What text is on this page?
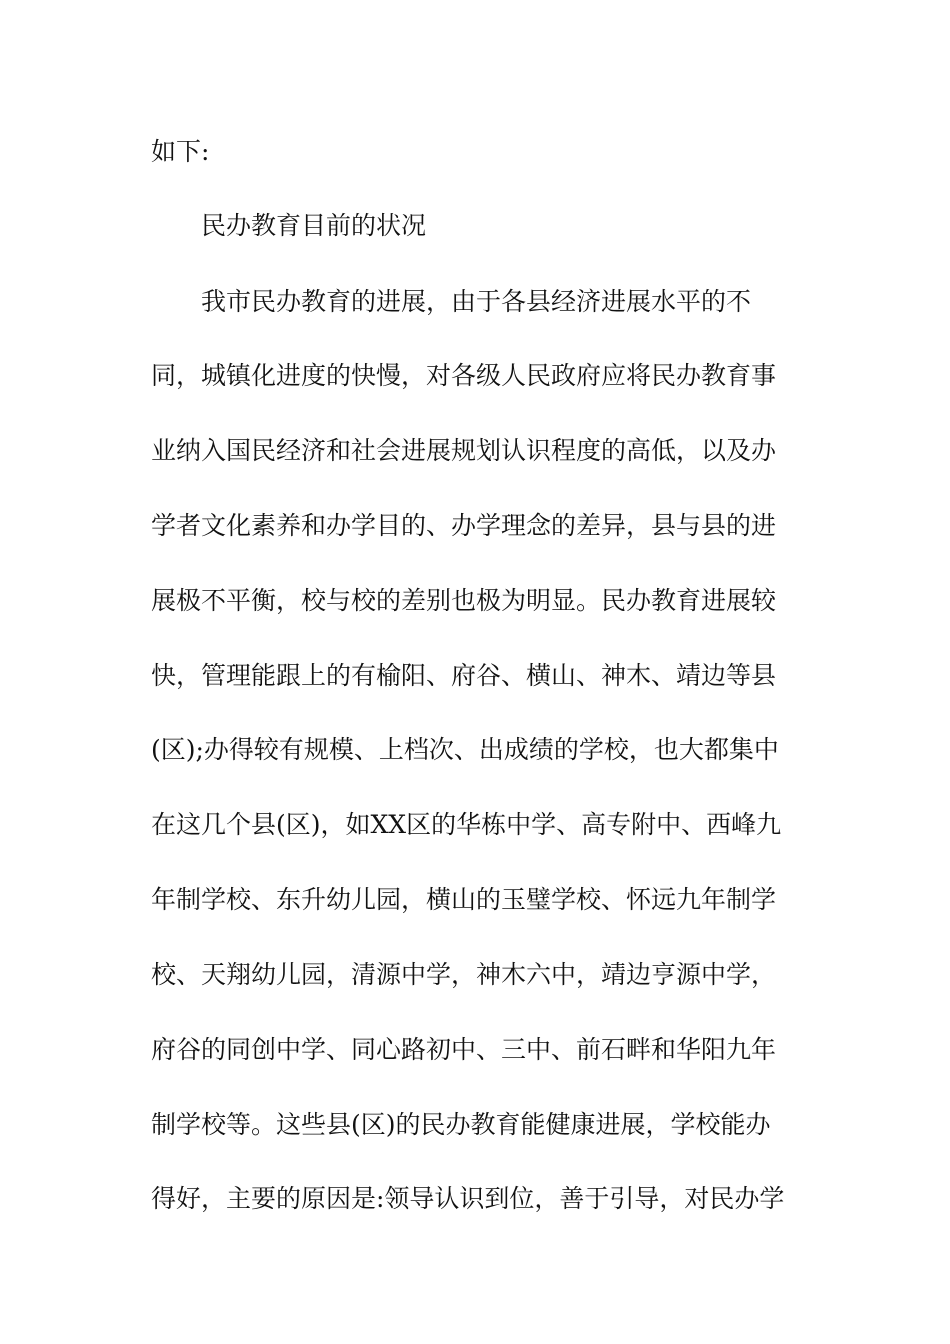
如下:
民办教育目前的状况
我市民办教育的进展，由于各县经济进展水平的不
同，城镇化进度的快慢，对各级人民政府应将民办教育事
业纳入国民经济和社会进展规划认识程度的高低，以及办
学者文化素养和办学目的、办学理念的差异，县与县的进
展极不平衡，校与校的差别也极为明显。民办教育进展较
快，管理能跟上的有榆阳、府谷、横山、神木、靖边等县
(区);办得较有规模、上档次、出成绩的学校，也大都集中
在这几个县(区)，如XX区的华栋中学、高专附中、西峰九
年制学校、东升幼儿园，横山的玉璧学校、怀远九年制学
校、天翔幼儿园，清源中学，神木六中，靖边亨源中学，
府谷的同创中学、同心路初中、三中、前石畔和华阳九年
制学校等。这些县(区)的民办教育能健康进展，学校能办
得好，主要的原因是:领导认识到位，善于引导，对民办学
